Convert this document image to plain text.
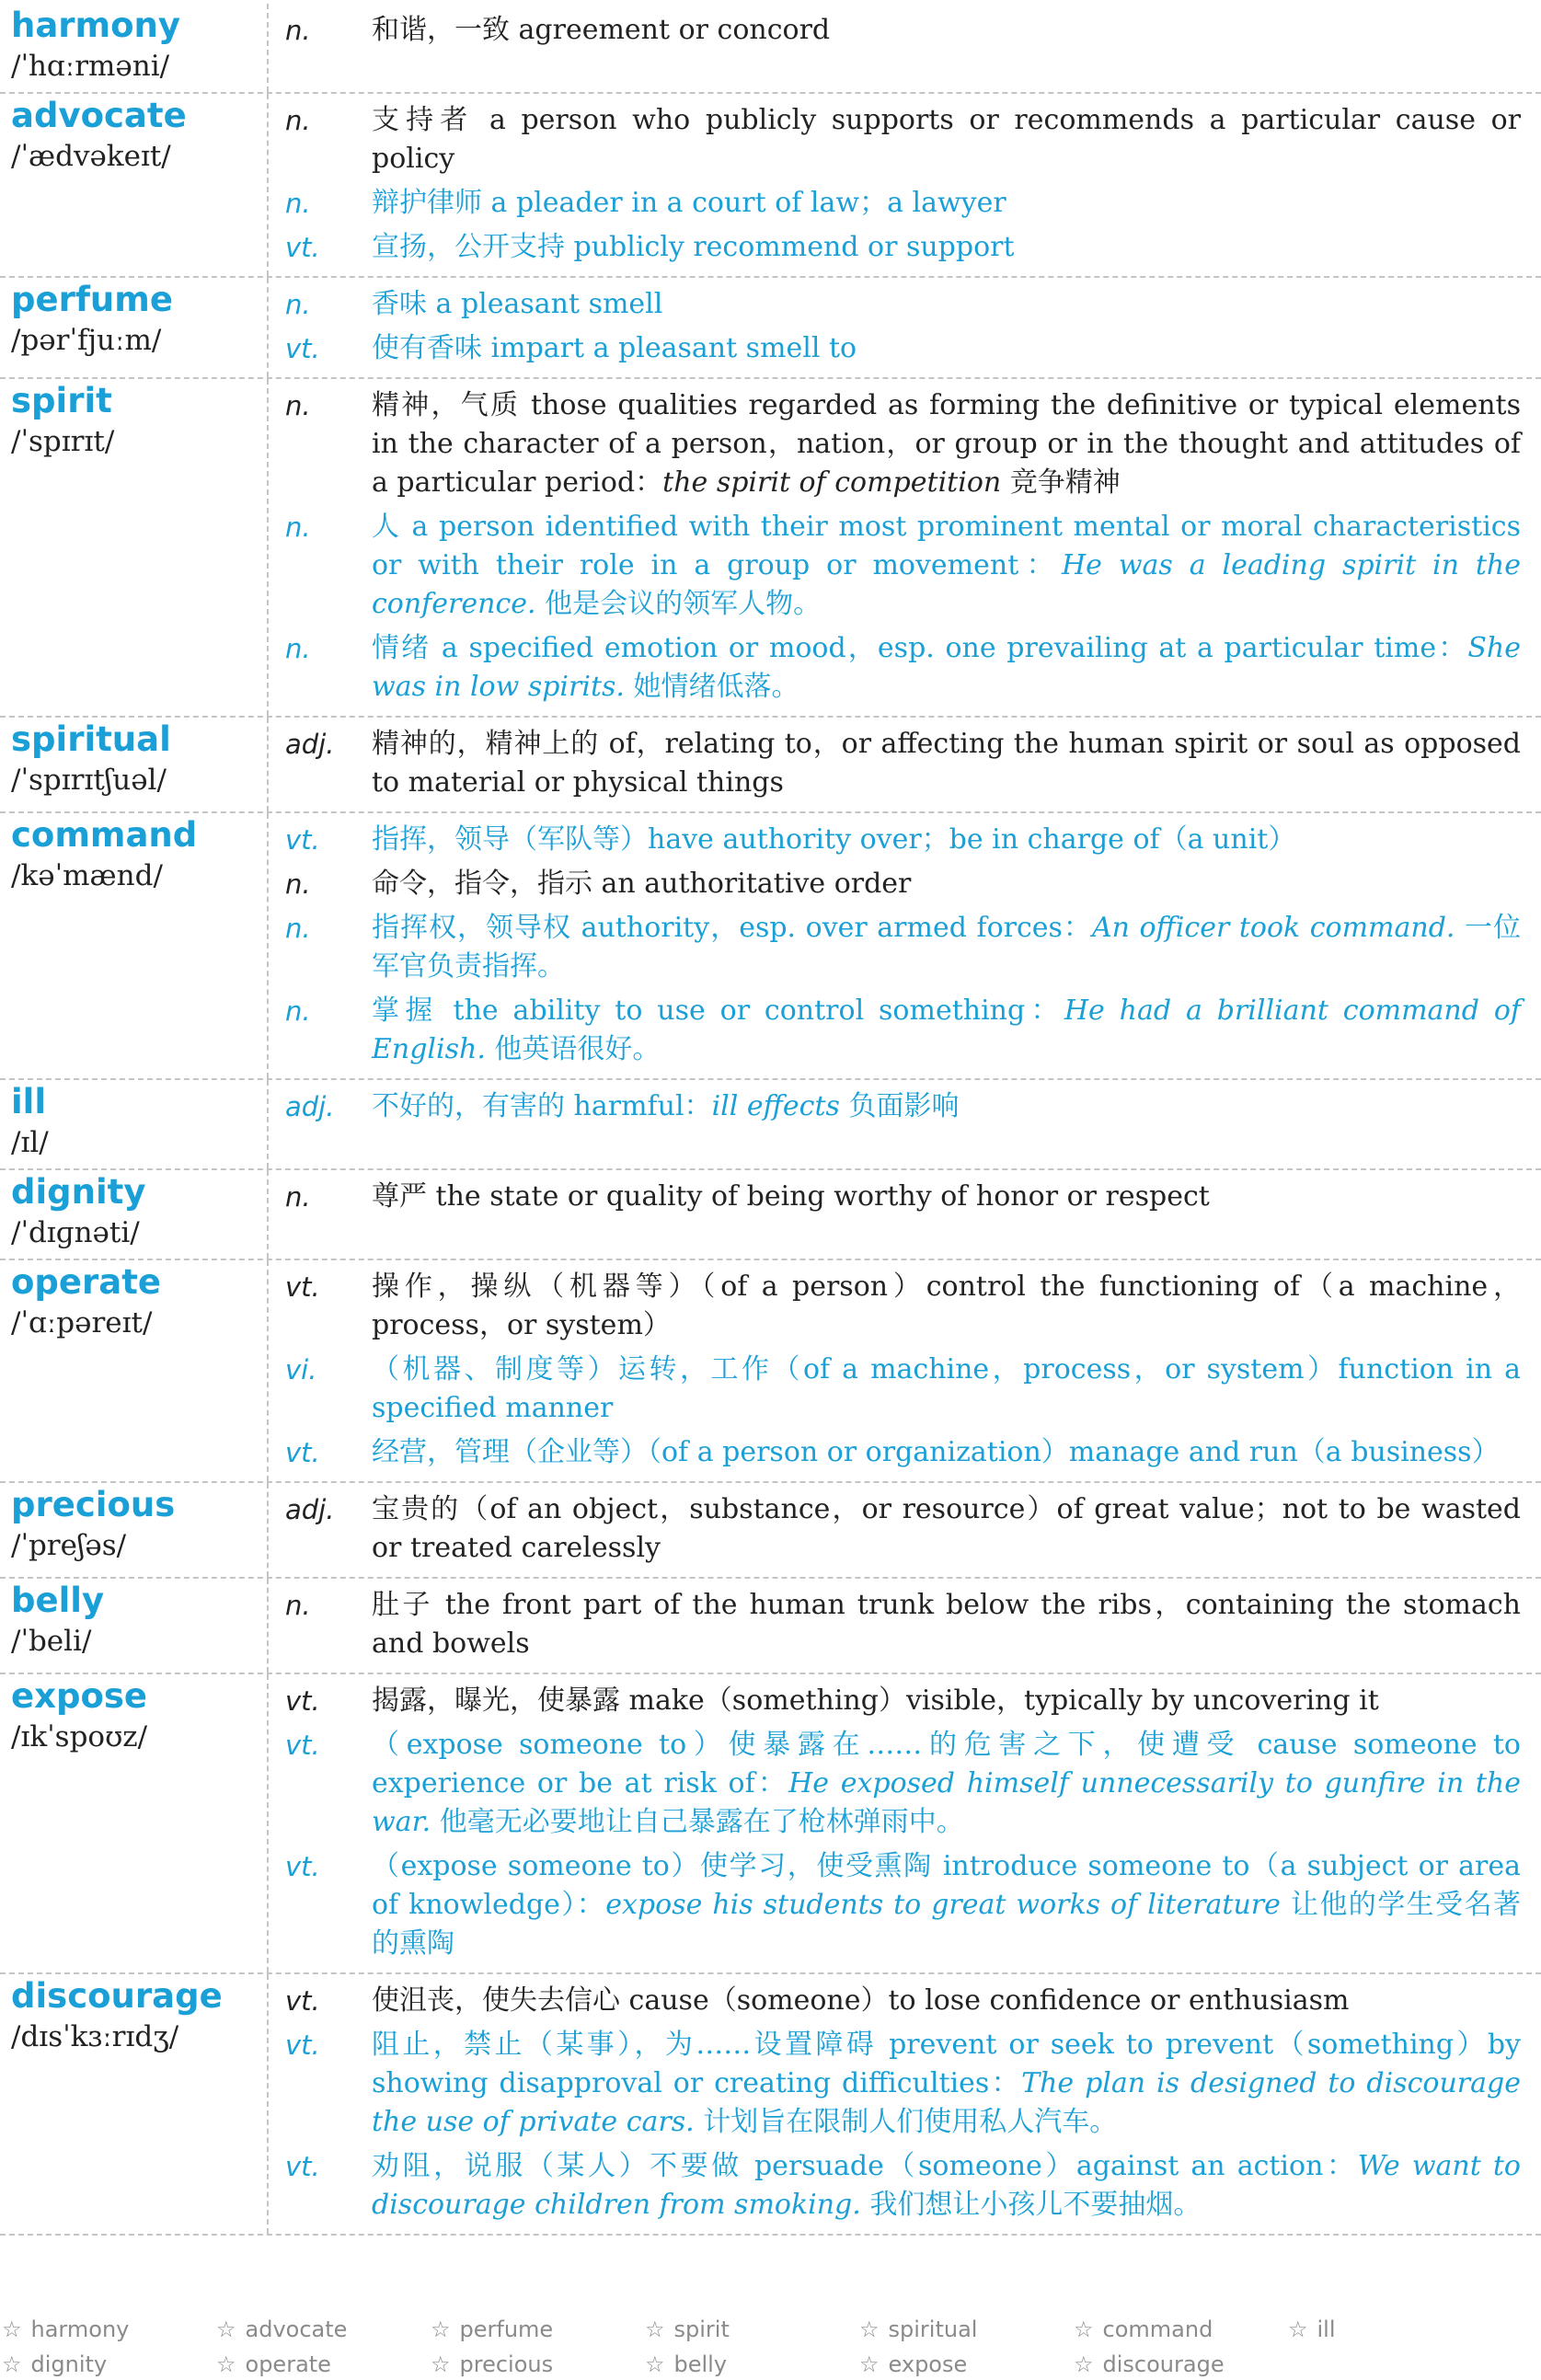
harmony
/ˈhɑːrməni/
n.	和谐，一致 agreement or concord
advocate
/ˈædvəkeɪt/
n.	支持者 a person who publicly supports or recommends a particular cause or policy
n.	辩护律师 a pleader in a court of law；a lawyer
vt.	宣扬，公开支持 publicly recommend or support
perfume
/pərˈfjuːm/
n.	香味 a pleasant smell
vt.	使有香味 impart a pleasant smell to
spirit
/ˈspɪrɪt/
n.	精神，气质 those qualities regarded as forming the definitive or typical elements in the character of a person，nation，or group or in the thought and attitudes of a particular period：the spirit of competition 竞争精神
n.	人 a person identified with their most prominent mental or moral characteristics or with their role in a group or movement：He was a leading spirit in the conference. 他是会议的领军人物。
n.	情绪 a specified emotion or mood，esp. one prevailing at a particular time：She was in low spirits. 她情绪低落。
spiritual
/ˈspɪrɪtʃuəl/
adj.	精神的，精神上的 of，relating to，or affecting the human spirit or soul as opposed to material or physical things
command
/kəˈmænd/
vt.	指挥，领导（军队等）have authority over；be in charge of（a unit）
n.	命令，指令，指示 an authoritative order
n.	指挥权，领导权 authority，esp. over armed forces：An officer took command. 一位军官负责指挥。
n.	掌握 the ability to use or control something：He had a brilliant command of English. 他英语很好。
ill
/ɪl/
adj.	不好的，有害的 harmful：ill effects 负面影响
dignity
/ˈdɪɡnəti/
n.	尊严 the state or quality of being worthy of honor or respect
operate
/ˈɑːpəreɪt/
vt.	操作，操纵（机器等）（of a person）control the functioning of（a machine，process，or system）
vi.	（机器、制度等）运转，工作（of a machine，process，or system）function in a specified manner
vt.	经营，管理（企业等）（of a person or organization）manage and run（a business）
precious
/ˈpreʃəs/
adj.	宝贵的（of an object，substance，or resource）of great value；not to be wasted or treated carelessly
belly
/ˈbeli/
n.	肚子 the front part of the human trunk below the ribs，containing the stomach and bowels
expose
/ɪkˈspoʊz/
vt.	揭露，曝光，使暴露 make（something）visible，typically by uncovering it
vt.	（expose someone to）使暴露在……的危害之下，使遭受 cause someone to experience or be at risk of：He exposed himself unnecessarily to gunfire in the war. 他毫无必要地让自己暴露在了枪林弹雨中。
vt.	（expose someone to）使学习，使受熏陶 introduce someone to（a subject or area of knowledge）：expose his students to great works of literature 让他的学生受名著的熏陶
discourage
/dɪsˈkɜːrɪdʒ/
vt.	使沮丧，使失去信心 cause（someone）to lose confidence or enthusiasm
vt.	阻止，禁止（某事），为……设置障碍 prevent or seek to prevent（something）by showing disapproval or creating difficulties：The plan is designed to discourage the use of private cars. 计划旨在限制人们使用私人汽车。
vt.	劝阻，说服（某人）不要做 persuade（someone）against an action：We want to discourage children from smoking. 我们想让小孩儿不要抽烟。
☆ harmony	☆ advocate	☆ perfume	☆ spirit	☆ spiritual	☆ command	☆ ill
☆ dignity	☆ operate	☆ precious	☆ belly	☆ expose	☆ discourage
